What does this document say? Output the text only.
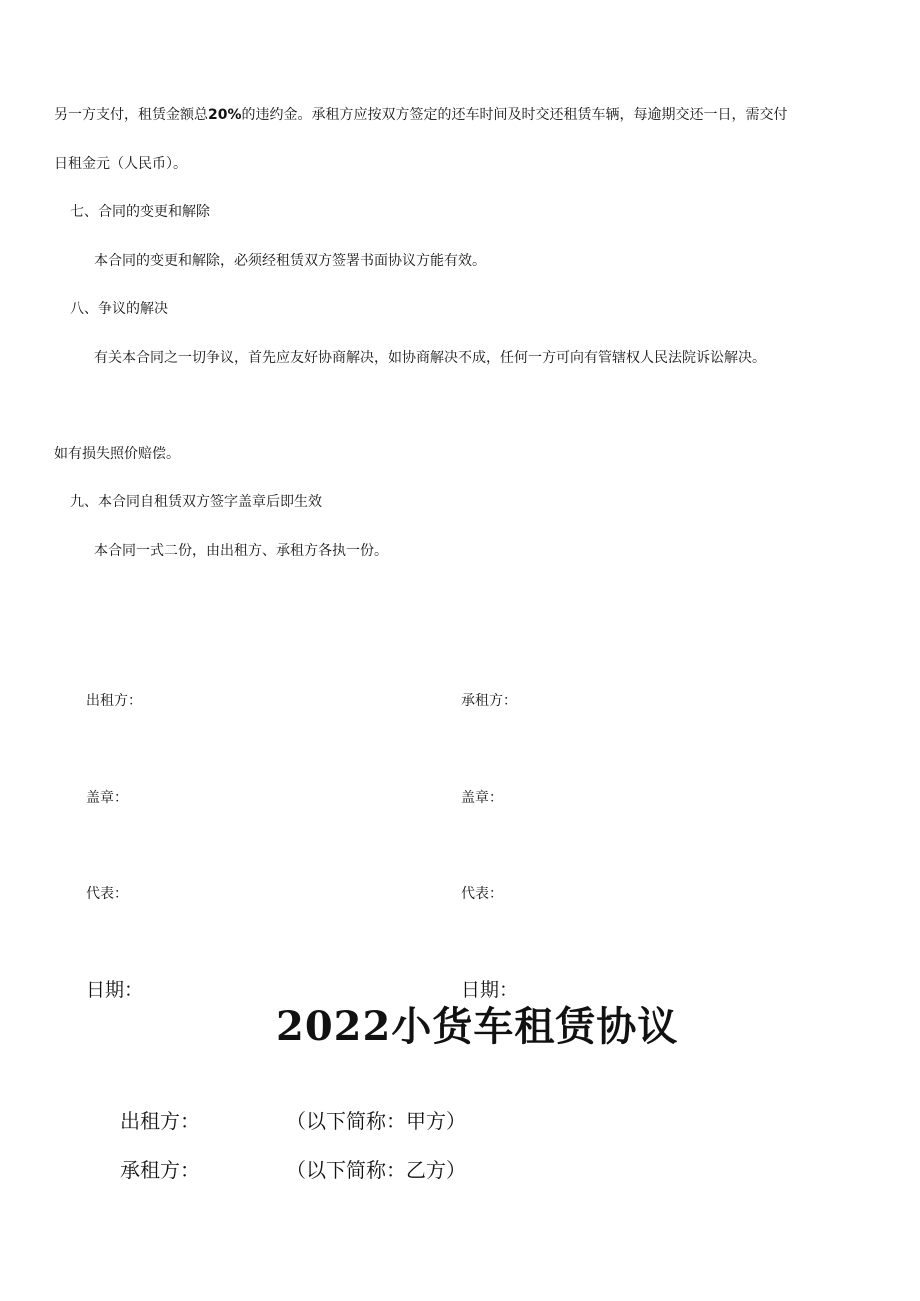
另一方支付，租赁金额总20%的违约金。承租方应按双方签定的还车时间及时交还租赁车辆，每逾期交还一日，需交付

日租金元（人民币）。

七、合同的变更和解除

本合同的变更和解除，必须经租赁双方签署书面协议方能有效。

八、争议的解决

有关本合同之一切争议，首先应友好协商解决，如协商解决不成，任何一方可向有管辖权人民法院诉讼解决。

如有损失照价赔偿。

九、本合同自租赁双方签字盖章后即生效

本合同一式二份，由出租方、承租方各执一份。

出租方：	承租方：
盖章：	盖章：
代表：	代表：
日期：	日期：
2022小货车租赁协议
出租方：	（以下简称：甲方）
承租方：	（以下简称：乙方）
